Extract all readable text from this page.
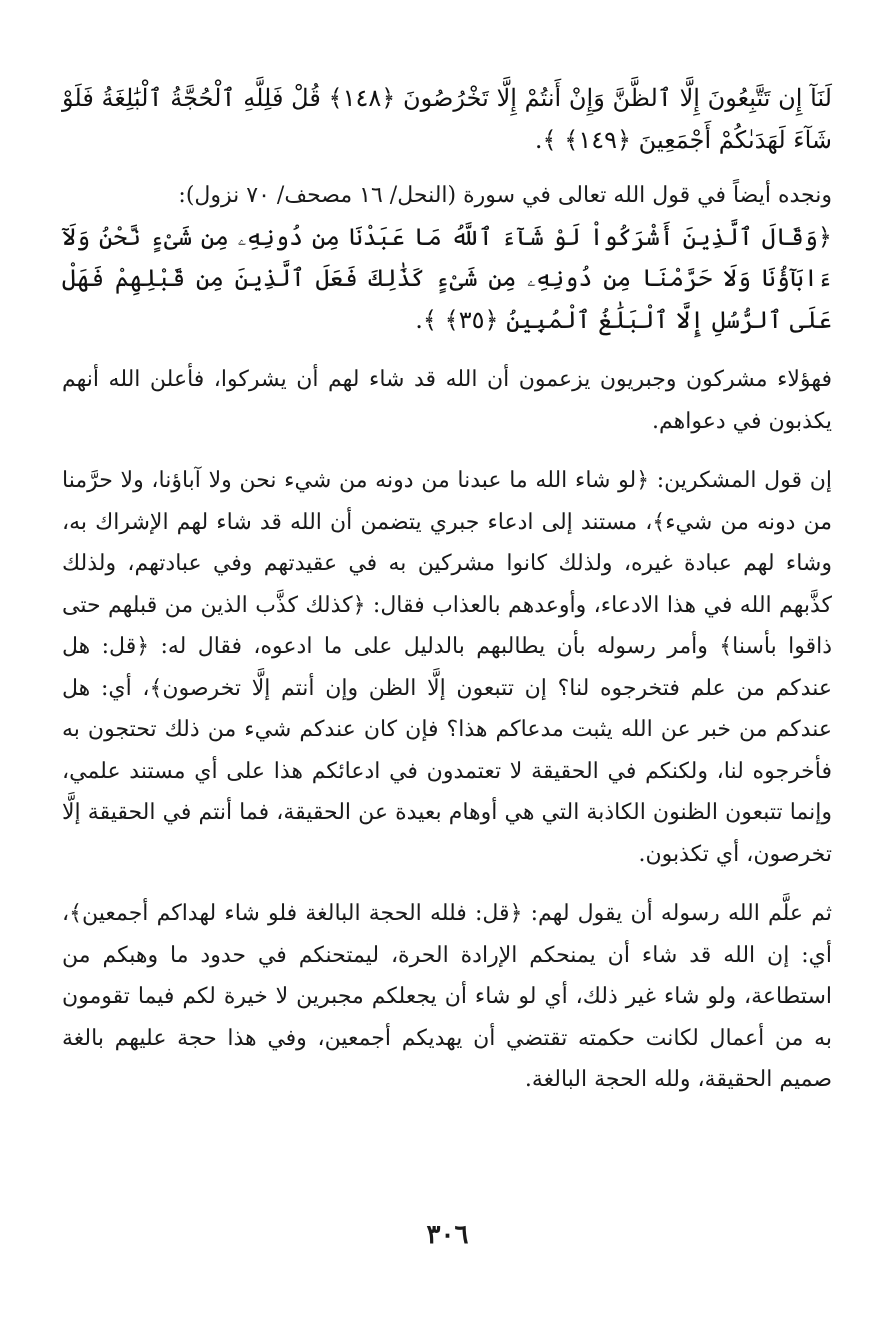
لَنَآ إِن تَتَّبِعُونَ إِلَّا ٱلظَّنَّ وَإِنْ أَنتُمْ إِلَّا تَخْرُصُونَ ﴿١٤٨﴾ قُلْ فَلِلَّهِ ٱلْحُجَّةُ ٱلْبَٰلِغَةُ فَلَوْ شَآءَ لَهَدَىٰكُمْ أَجْمَعِينَ ﴿١٤٩﴾ ﴾.

ونجده أيضاً في قول الله تعالى في سورة (النحل/ ١٦ مصحف/ ٧٠ نزول):

﴿وَقَالَ ٱلَّذِينَ أَشْرَكُواْ لَوْ شَآءَ ٱللَّهُ مَا عَبَدْنَا مِن دُونِهِۦ مِن شَىْءٍ نَّحْنُ وَلَآ ءَابَآؤُنَا وَلَا حَرَّمْنَا مِن دُونِهِۦ مِن شَىْءٍ كَذَٰلِكَ فَعَلَ ٱلَّذِينَ مِن قَبْلِهِمْ فَهَلْ عَلَى ٱلرُّسُلِ إِلَّا ٱلْبَلَٰغُ ٱلْمُبِينُ ﴿٣٥﴾ ﴾.

فهؤلاء مشركون وجبريون يزعمون أن الله قد شاء لهم أن يشركوا، فأعلن الله أنهم يكذبون في دعواهم.

إن قول المشكرين: ﴿لو شاء الله ما عبدنا من دونه من شيء نحن ولا آباؤنا، ولا حرَّمنا من دونه من شيء﴾، مستند إلى ادعاء جبري يتضمن أن الله قد شاء لهم الإشراك به، وشاء لهم عبادة غيره، ولذلك كانوا مشركين به في عقيدتهم وفي عبادتهم، ولذلك كذَّبهم الله في هذا الادعاء، وأوعدهم بالعذاب فقال: ﴿كذلك كذَّب الذين من قبلهم حتى ذاقوا بأسنا﴾ وأمر رسوله بأن يطالبهم بالدليل على ما ادعوه، فقال له: ﴿قل: هل عندكم من علم فتخرجوه لنا؟ إن تتبعون إلَّا الظن وإن أنتم إلَّا تخرصون﴾، أي: هل عندكم من خبر عن الله يثبت مدعاكم هذا؟ فإن كان عندكم شيء من ذلك تحتجون به فأخرجوه لنا، ولكنكم في الحقيقة لا تعتمدون في ادعائكم هذا على أي مستند علمي، وإنما تتبعون الظنون الكاذبة التي هي أوهام بعيدة عن الحقيقة، فما أنتم في الحقيقة إلَّا تخرصون، أي تكذبون.

ثم علَّم الله رسوله أن يقول لهم: ﴿قل: فلله الحجة البالغة فلو شاء لهداكم أجمعين﴾، أي: إن الله قد شاء أن يمنحكم الإرادة الحرة، ليمتحنكم في حدود ما وهبكم من استطاعة، ولو شاء غير ذلك، أي لو شاء أن يجعلكم مجبرين لا خيرة لكم فيما تقومون به من أعمال لكانت حكمته تقتضي أن يهديكم أجمعين، وفي هذا حجة عليهم بالغة صميم الحقيقة، ولله الحجة البالغة.

٣٠٦
